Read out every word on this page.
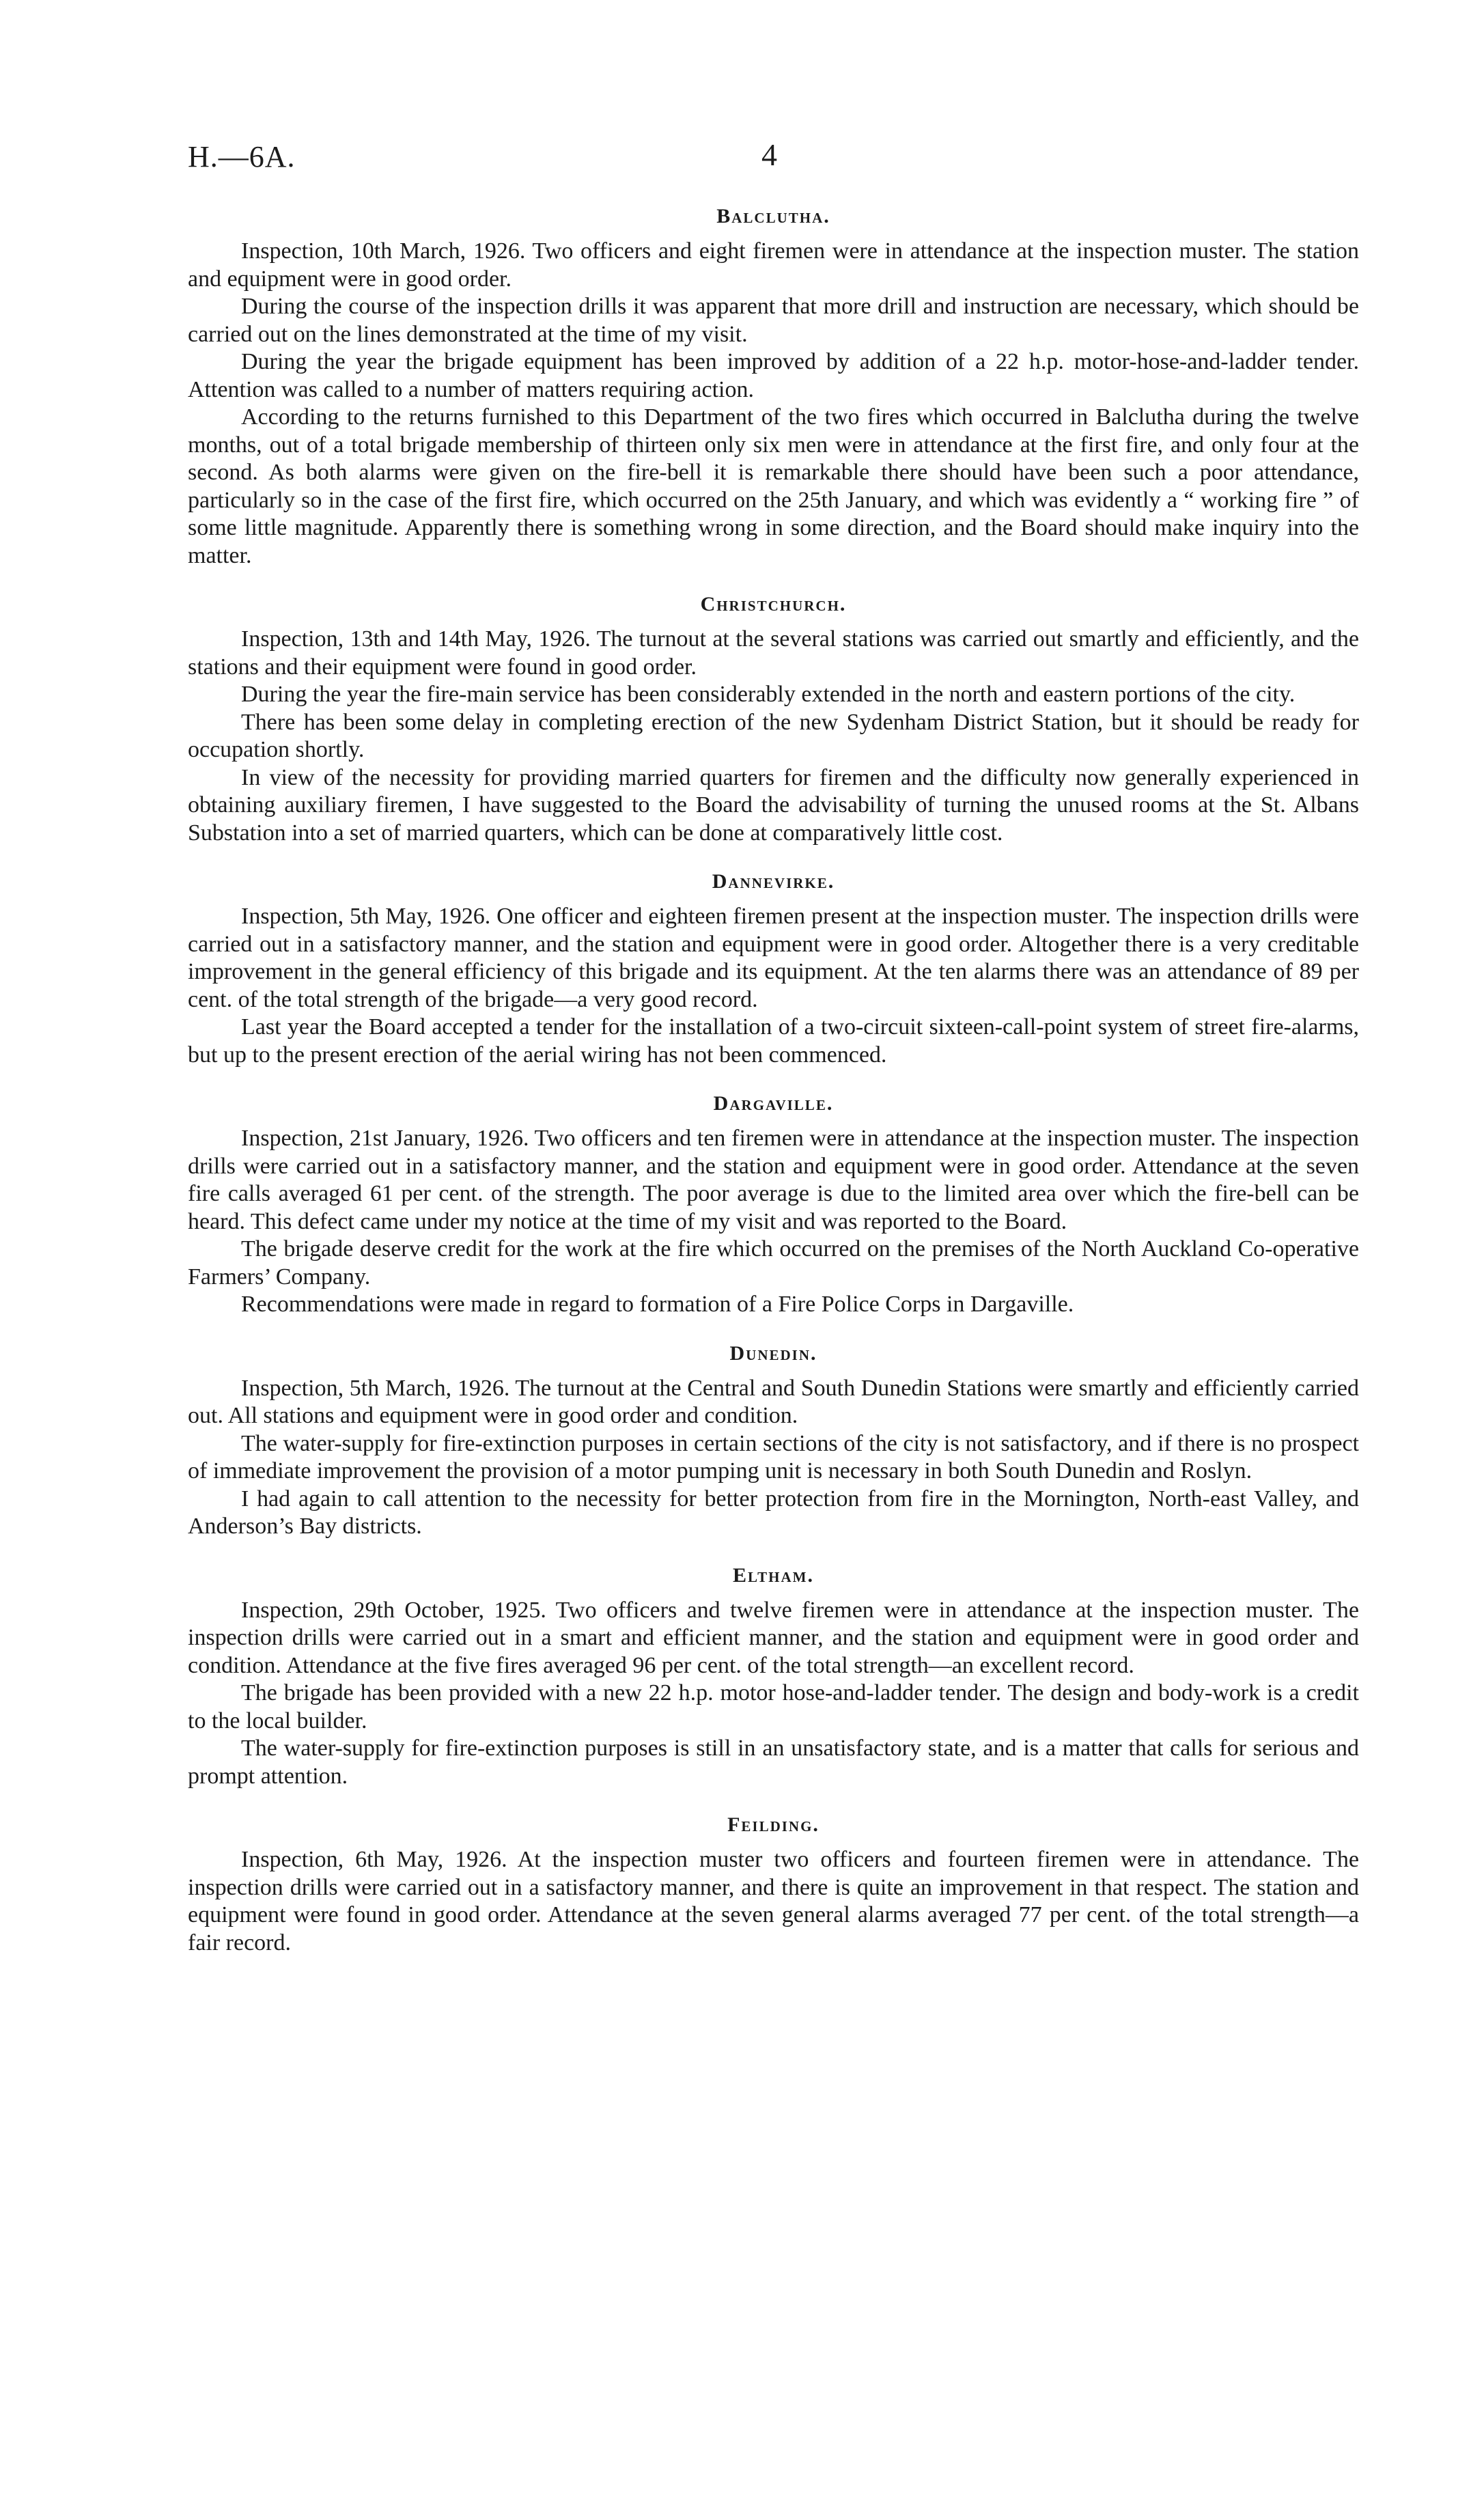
H.—6A.	4
Balclutha.

Inspection, 10th March, 1926. Two officers and eight firemen were in attendance at the inspection muster. The station and equipment were in good order.

During the course of the inspection drills it was apparent that more drill and instruction are necessary, which should be carried out on the lines demonstrated at the time of my visit.

During the year the brigade equipment has been improved by addition of a 22 h.p. motor-hose-and-ladder tender. Attention was called to a number of matters requiring action.

According to the returns furnished to this Department of the two fires which occurred in Balclutha during the twelve months, out of a total brigade membership of thirteen only six men were in attendance at the first fire, and only four at the second. As both alarms were given on the fire-bell it is remarkable there should have been such a poor attendance, particularly so in the case of the first fire, which occurred on the 25th January, and which was evidently a “ working fire ” of some little magnitude. Apparently there is something wrong in some direction, and the Board should make inquiry into the matter.

Christchurch.

Inspection, 13th and 14th May, 1926. The turnout at the several stations was carried out smartly and efficiently, and the stations and their equipment were found in good order.

During the year the fire-main service has been considerably extended in the north and eastern portions of the city.

There has been some delay in completing erection of the new Sydenham District Station, but it should be ready for occupation shortly.

In view of the necessity for providing married quarters for firemen and the difficulty now generally experienced in obtaining auxiliary firemen, I have suggested to the Board the advisability of turning the unused rooms at the St. Albans Substation into a set of married quarters, which can be done at comparatively little cost.

Dannevirke.

Inspection, 5th May, 1926. One officer and eighteen firemen present at the inspection muster. The inspection drills were carried out in a satisfactory manner, and the station and equipment were in good order. Altogether there is a very creditable improvement in the general efficiency of this brigade and its equipment. At the ten alarms there was an attendance of 89 per cent. of the total strength of the brigade—a very good record.

Last year the Board accepted a tender for the installation of a two-circuit sixteen-call-point system of street fire-alarms, but up to the present erection of the aerial wiring has not been commenced.

Dargaville.

Inspection, 21st January, 1926. Two officers and ten firemen were in attendance at the inspection muster. The inspection drills were carried out in a satisfactory manner, and the station and equipment were in good order. Attendance at the seven fire calls averaged 61 per cent. of the strength. The poor average is due to the limited area over which the fire-bell can be heard. This defect came under my notice at the time of my visit and was reported to the Board.

The brigade deserve credit for the work at the fire which occurred on the premises of the North Auckland Co-operative Farmers’ Company.

Recommendations were made in regard to formation of a Fire Police Corps in Dargaville.

Dunedin.

Inspection, 5th March, 1926. The turnout at the Central and South Dunedin Stations were smartly and efficiently carried out. All stations and equipment were in good order and condition.

The water-supply for fire-extinction purposes in certain sections of the city is not satisfactory, and if there is no prospect of immediate improvement the provision of a motor pumping unit is necessary in both South Dunedin and Roslyn.

I had again to call attention to the necessity for better protection from fire in the Mornington, North-east Valley, and Anderson’s Bay districts.

Eltham.

Inspection, 29th October, 1925. Two officers and twelve firemen were in attendance at the inspection muster. The inspection drills were carried out in a smart and efficient manner, and the station and equipment were in good order and condition. Attendance at the five fires averaged 96 per cent. of the total strength—an excellent record.

The brigade has been provided with a new 22 h.p. motor hose-and-ladder tender. The design and body-work is a credit to the local builder.

The water-supply for fire-extinction purposes is still in an unsatisfactory state, and is a matter that calls for serious and prompt attention.

Feilding.

Inspection, 6th May, 1926. At the inspection muster two officers and fourteen firemen were in attendance. The inspection drills were carried out in a satisfactory manner, and there is quite an improvement in that respect. The station and equipment were found in good order. Attendance at the seven general alarms averaged 77 per cent. of the total strength—a fair record.
